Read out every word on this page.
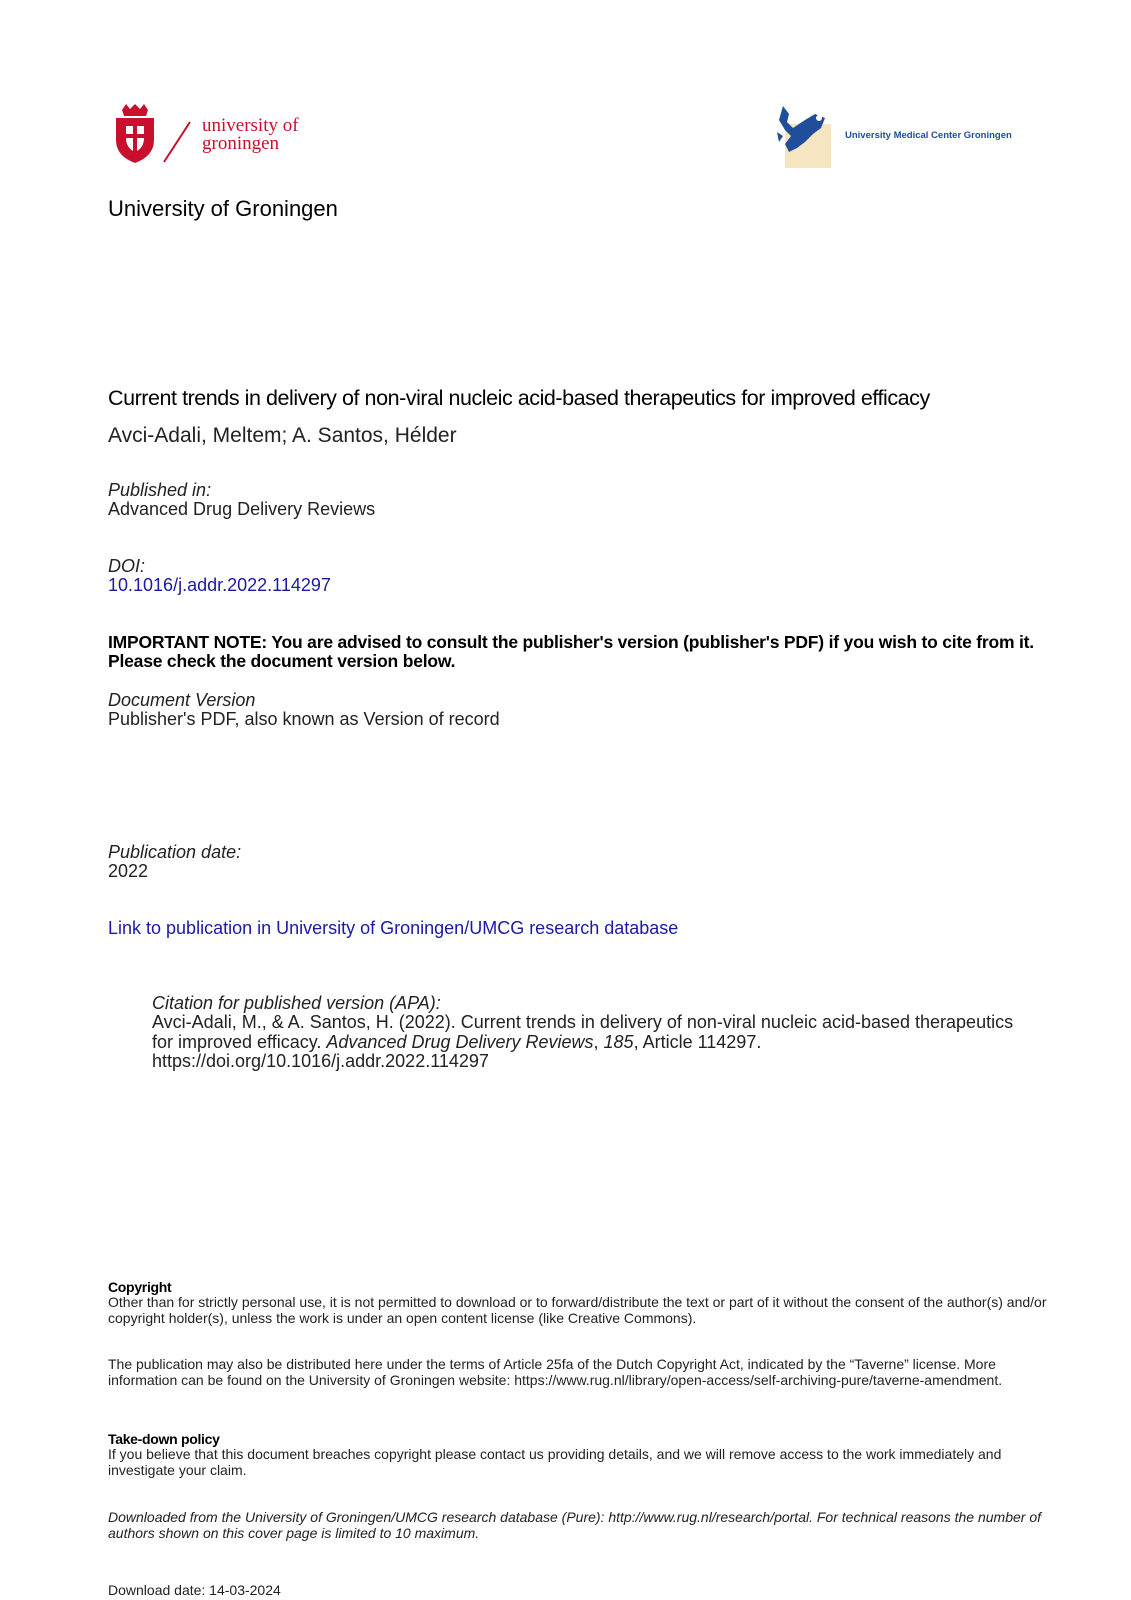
university of
groningen	University Medical Center Groningen
University of Groningen
Current trends in delivery of non-viral nucleic acid-based therapeutics for improved efficacy
Avci-Adali, Meltem; A. Santos, Hélder
Published in:
Advanced Drug Delivery Reviews
DOI:
10.1016/j.addr.2022.114297
IMPORTANT NOTE: You are advised to consult the publisher's version (publisher's PDF) if you wish to cite from it. Please check the document version below.
Document Version
Publisher's PDF, also known as Version of record
Publication date:
2022
Link to publication in University of Groningen/UMCG research database
Citation for published version (APA):
Avci-Adali, M., & A. Santos, H. (2022). Current trends in delivery of non-viral nucleic acid-based therapeutics for improved efficacy. Advanced Drug Delivery Reviews, 185, Article 114297.
https://doi.org/10.1016/j.addr.2022.114297
Copyright
Other than for strictly personal use, it is not permitted to download or to forward/distribute the text or part of it without the consent of the author(s) and/or copyright holder(s), unless the work is under an open content license (like Creative Commons).
The publication may also be distributed here under the terms of Article 25fa of the Dutch Copyright Act, indicated by the “Taverne” license. More information can be found on the University of Groningen website: https://www.rug.nl/library/open-access/self-archiving-pure/taverne-amendment.
Take-down policy
If you believe that this document breaches copyright please contact us providing details, and we will remove access to the work immediately and investigate your claim.
Downloaded from the University of Groningen/UMCG research database (Pure): http://www.rug.nl/research/portal. For technical reasons the number of authors shown on this cover page is limited to 10 maximum.
Download date: 14-03-2024
